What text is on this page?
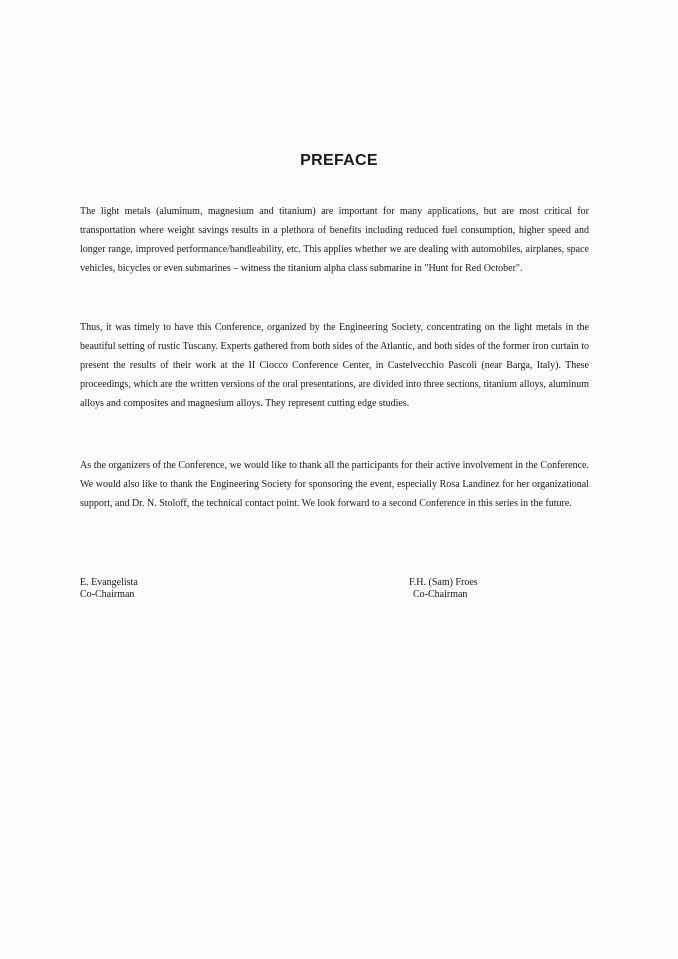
PREFACE

The light metals (aluminum, magnesium and titanium) are important for many applications, but are most critical for transportation where weight savings results in a plethora of benefits including reduced fuel consumption, higher speed and longer range, improved performance/handleability, etc. This applies whether we are dealing with automobiles, airplanes, space vehicles, bicycles or even submarines – witness the titanium alpha class submarine in "Hunt for Red October".

Thus, it was timely to have this Conference, organized by the Engineering Society, concentrating on the light metals in the beautiful setting of rustic Tuscany. Experts gathered from both sides of the Atlantic, and both sides of the former iron curtain to present the results of their work at the II Ciocco Conference Center, in Castelvecchio Pascoli (near Barga, Italy). These proceedings, which are the written versions of the oral presentations, are divided into three sections, titanium alloys, aluminum alloys and composites and magnesium alloys. They represent cutting edge studies.

As the organizers of the Conference, we would like to thank all the participants for their active involvement in the Conference. We would also like to thank the Engineering Society for sponsoring the event, especially Rosa Landinez for her organizational support, and Dr. N. Stoloff, the technical contact point. We look forward to a second Conference in this series in the future.

E. Evangelista
Co-Chairman
F.H. (Sam) Froes
Co-Chairman
